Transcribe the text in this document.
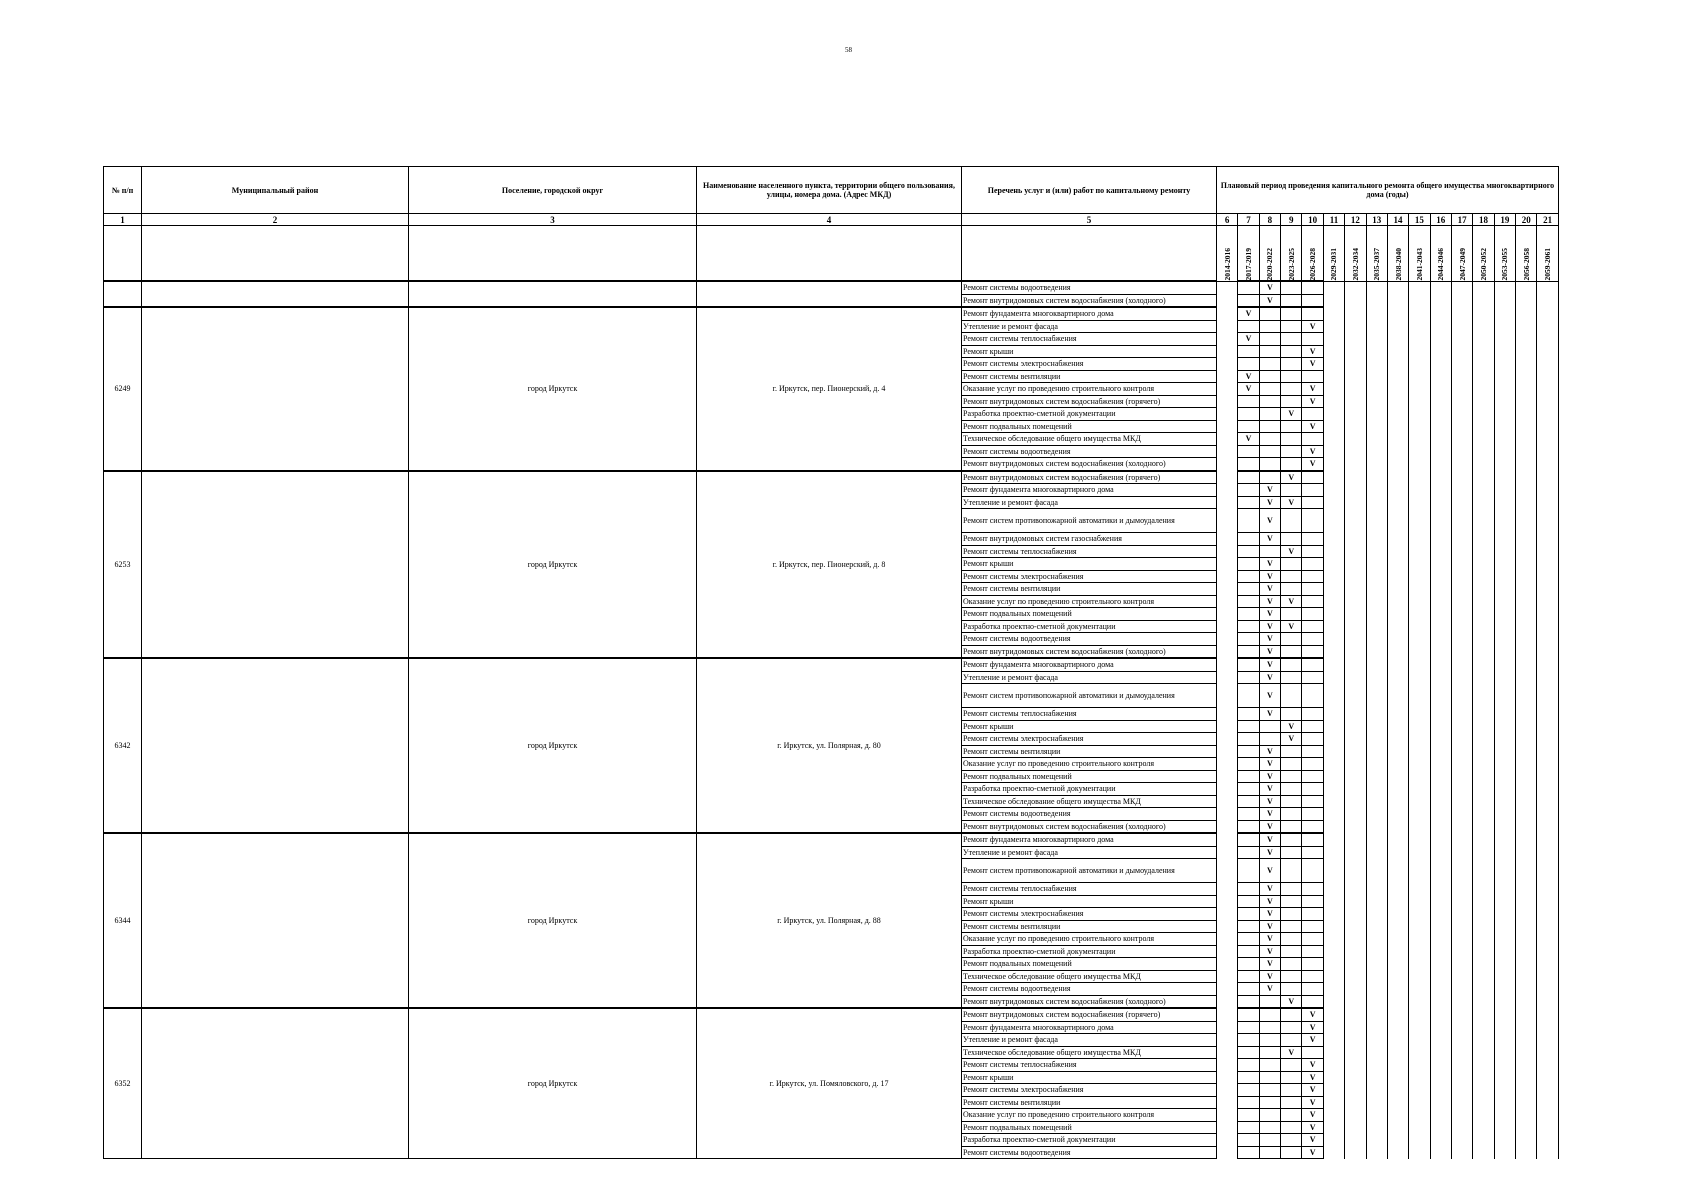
58
№ п/п	Муниципальный район	Поселение, городской округ	Наименование населенного пункта, территории общего пользования, улицы, номера дома. (Адрес МКД)	Перечень услуг и (или) работ по капитальному ремонту	Плановый период проведения капитального ремонта общего имущества многоквартирного дома (годы)															
1	2	3	4	5	6	7	8	9	10	11	12	13	14	15	16	17	18	19	20	21

					2014-2016	2017-2019	2020-2022	2023-2025	2026-2028	2029-2031	2032-2034	2035-2037	2038-2040	2041-2043	2044-2046	2047-2049	2050-2052	2053-2055	2056-2058	2059-2061

				Ремонт системы водоотведения			V													
				Ремонт внутридомовых систем водоснабжения (холодного)			V													
6249		город Иркутск	г. Иркутск, пер. Пионерский, д. 4	Ремонт фундамента многоквартирного дома		V														
				Утепление и ремонт фасада					V											
				Ремонт системы теплоснабжения		V														
				Ремонт крыши					V											
				Ремонт системы электроснабжения					V											
				Ремонт системы вентиляции		V														
				Оказание услуг по проведению строительного контроля		V			V											
				Ремонт внутридомовых систем водоснабжения (горячего)					V											
				Разработка проектно-сметной документации				V												
				Ремонт подвальных помещений					V											
				Техническое обследование общего имущества МКД		V														
				Ремонт системы водоотведения					V											
				Ремонт внутридомовых систем водоснабжения (холодного)					V											
6253		город Иркутск	г. Иркутск, пер. Пионерский, д. 8	Ремонт внутридомовых систем водоснабжения (горячего)				V												
				Ремонт фундамента многоквартирного дома			V													
				Утепление и ремонт фасада			V	V												
				Ремонт систем противопожарной автоматики и дымоудаления			V													
				Ремонт внутридомовых систем газоснабжения			V													
				Ремонт системы теплоснабжения				V												
				Ремонт крыши			V													
				Ремонт системы электроснабжения			V													
				Ремонт системы вентиляции			V													
				Оказание услуг по проведению строительного контроля			V	V												
				Ремонт подвальных помещений			V													
				Разработка проектно-сметной документации			V	V												
				Ремонт системы водоотведения			V													
				Ремонт внутридомовых систем водоснабжения (холодного)			V													
6342		город Иркутск	г. Иркутск, ул. Полярная, д. 80	Ремонт фундамента многоквартирного дома			V													
				Утепление и ремонт фасада			V													
				Ремонт систем противопожарной автоматики и дымоудаления			V													
				Ремонт системы теплоснабжения			V													
				Ремонт крыши				V												
				Ремонт системы электроснабжения				V												
				Ремонт системы вентиляции			V													
				Оказание услуг по проведению строительного контроля			V													
				Ремонт подвальных помещений			V													
				Разработка проектно-сметной документации			V													
				Техническое обследование общего имущества МКД			V													
				Ремонт системы водоотведения			V													
				Ремонт внутридомовых систем водоснабжения (холодного)			V													
6344		город Иркутск	г. Иркутск, ул. Полярная, д. 88	Ремонт фундамента многоквартирного дома			V													
				Утепление и ремонт фасада			V													
				Ремонт систем противопожарной автоматики и дымоудаления			V													
				Ремонт системы теплоснабжения			V													
				Ремонт крыши			V													
				Ремонт системы электроснабжения			V													
				Ремонт системы вентиляции			V													
				Оказание услуг по проведению строительного контроля			V													
				Разработка проектно-сметной документации			V													
				Ремонт подвальных помещений			V													
				Техническое обследование общего имущества МКД			V													
				Ремонт системы водоотведения			V													
				Ремонт внутридомовых систем водоснабжения (холодного)				V												
6352		город Иркутск	г. Иркутск, ул. Помяловского, д. 17	Ремонт внутридомовых систем водоснабжения (горячего)					V											
				Ремонт фундамента многоквартирного дома					V											
				Утепление и ремонт фасада					V											
				Техническое обследование общего имущества МКД				V												
				Ремонт системы теплоснабжения					V											
				Ремонт крыши					V											
				Ремонт системы электроснабжения					V											
				Ремонт системы вентиляции					V											
				Оказание услуг по проведению строительного контроля					V											
				Ремонт подвальных помещений					V											
				Разработка проектно-сметной документации					V											
				Ремонт системы водоотведения					V											
